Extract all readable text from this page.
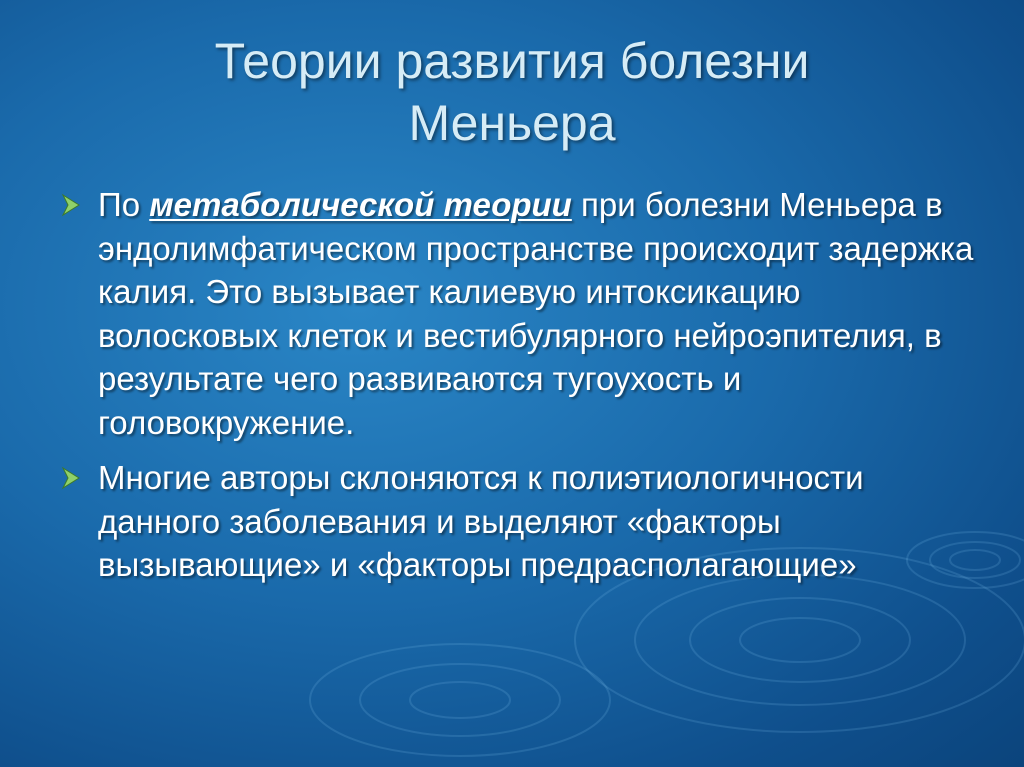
Теории развития болезни
Меньера
По метаболической теории при болезни Меньера в эндолимфатическом пространстве происходит задержка калия. Это вызывает калиевую интоксикацию волосковых клеток и вестибулярного нейроэпителия, в результате чего развиваются тугоухость и головокружение.
Многие авторы склоняются к полиэтиологичности данного заболевания и выделяют «факторы вызывающие» и «факторы предрасполагающие»
